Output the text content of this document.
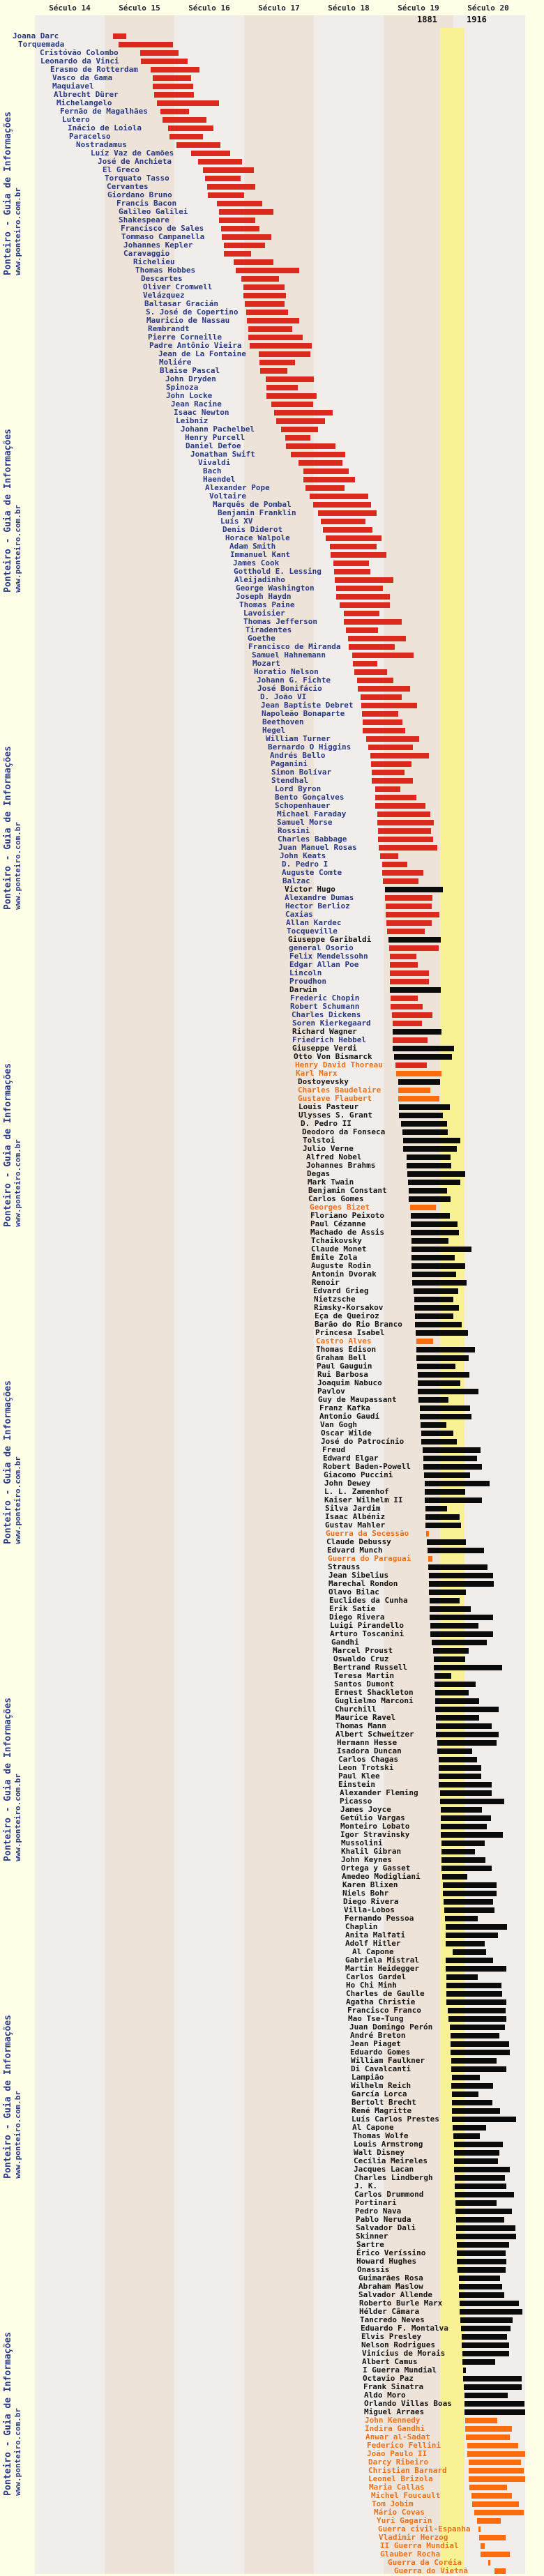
Século 14	Século 15	Século 16	Século 17	Século 18	Século 19	Século 20
1881	1916
Ponteiro - Guia de Informaçõeswww.ponteiro.com.br
Ponteiro - Guia de Informaçõeswww.ponteiro.com.br
Ponteiro - Guia de Informaçõeswww.ponteiro.com.br
Ponteiro - Guia de Informaçõeswww.ponteiro.com.br
Ponteiro - Guia de Informaçõeswww.ponteiro.com.br
Ponteiro - Guia de Informaçõeswww.ponteiro.com.br
Ponteiro - Guia de Informaçõeswww.ponteiro.com.br
Ponteiro - Guia de Informaçõeswww.ponteiro.com.br
Joana Darc
Torquemada
Cristóvão Colombo
Leonardo da Vinci
Erasmo de Rotterdam
Vasco da Gama
Maquiavel
Albrecht Dürer
Michelangelo
Fernão de Magalhães
Lutero
Inácio de Loiola
Paracelso
Nostradamus
Luíz Vaz de Camões
José de Anchieta
El Greco
Torquato Tasso
Cervantes
Giordano Bruno
Francis Bacon
Galileo Galilei
Shakespeare
Francisco de Sales
Tommaso Campanella
Johannes Kepler
Caravaggio
Richelieu
Thomas Hobbes
Descartes
Oliver Cromwell
Velázquez
Baltasar Gracián
S. José de Copertino
Mauricio de Nassau
Rembrandt
Pierre Corneille
Padre Antônio Vieira
Jean de La Fontaine
Moliére
Blaise Pascal
John Dryden
Spinoza
John Locke
Jean Racine
Isaac Newton
Leibniz
Johann Pachelbel
Henry Purcell
Daniel Defoe
Jonathan Swift
Vivaldi
Bach
Haendel
Alexander Pope
Voltaire
Marquês de Pombal
Benjamin Franklin
Luís XV
Denis Diderot
Horace Walpole
Adam Smith
Immanuel Kant
James Cook
Gotthold E. Lessing
Aleijadinho
George Washington
Joseph Haydn
Thomas Paine
Lavoisier
Thomas Jefferson
Tiradentes
Goethe
Francisco de Miranda
Samuel Hahnemann
Mozart
Horatio Nelson
Johann G. Fichte
José Bonifácio
D. João VI
Jean Baptiste Debret
Napoleão Bonaparte
Beethoven
Hegel
William Turner
Bernardo O Higgins
Andrés Bello
Paganini
Simon Bolívar
Stendhal
Lord Byron
Bento Gonçalves
Schopenhauer
Michael Faraday
Samuel Morse
Rossini
Charles Babbage
Juan Manuel Rosas
John Keats
D. Pedro I
Auguste Comte
Balzac
Victor Hugo
Alexandre Dumas
Hector Berlioz
Caxias
Allan Kardec
Tocqueville
Giuseppe Garibaldi
general Osorio
Felix Mendelssohn
Edgar Allan Poe
Lincoln
Proudhon
Darwin
Frederic Chopin
Robert Schumann
Charles Dickens
Soren Kierkegaard
Richard Wagner
Friedrich Hebbel
Giuseppe Verdi
Otto Von Bismarck
Henry David Thoreau
Karl Marx
Dostoyevsky
Charles Baudelaire
Gustave Flaubert
Louis Pasteur
Ulysses S. Grant
D. Pedro II
Deodoro da Fonseca
Tolstoi
Julio Verne
Alfred Nobel
Johannes Brahms
Degas
Mark Twain
Benjamin Constant
Carlos Gomes
Georges Bizet
Floriano Peixoto
Paul Cézanne
Machado de Assis
Tchaikovsky
Claude Monet
Émile Zola
Auguste Rodin
Antonin Dvorak
Renoir
Edvard Grieg
Nietzsche
Rimsky-Korsakov
Eça de Queiroz
Barão do Rio Branco
Princesa Isabel
Castro Alves
Thomas Edison
Graham Bell
Paul Gauguin
Rui Barbosa
Joaquim Nabuco
Pavlov
Guy de Maupassant
Franz Kafka
Antonio Gaudí
Van Gogh
Oscar Wilde
José do Patrocínio
Freud
Edward Elgar
Robert Baden-Powell
Giacomo Puccini
John Dewey
L. L. Zamenhof
Kaiser Wilhelm II
Silva Jardim
Isaac Albéniz
Gustav Mahler
Guerra da Secessão
Claude Debussy
Edvard Munch
Guerra do Paraguai
Strauss
Jean Sibelius
Marechal Rondon
Olavo Bilac
Euclides da Cunha
Erik Satie
Diego Rivera
Luigi Pirandello
Arturo Toscanini
Gandhi
Marcel Proust
Oswaldo Cruz
Bertrand Russell
Teresa Martin
Santos Dumont
Ernest Shackleton
Guglielmo Marconi
Churchill
Maurice Ravel
Thomas Mann
Albert Schweitzer
Hermann Hesse
Isadora Duncan
Carlos Chagas
Leon Trotski
Paul Klee
Einstein
Alexander Fleming
Picasso
James Joyce
Getúlio Vargas
Monteiro Lobato
Igor Stravinsky
Mussolini
Khalil Gibran
John Keynes
Ortega y Gasset
Amedeo Modigliani
Karen Blixen
Niels Bohr
Diego Rivera
Villa-Lobos
Fernando Pessoa
Chaplin
Anita Malfati
Adolf Hitler
Al Capone
Gabriela Mistral
Martin Heidegger
Carlos Gardel
Ho Chi Minh
Charles de Gaulle
Agatha Christie
Francisco Franco
Mao Tse-Tung
Juan Domingo Perón
André Breton
Jean Piaget
Eduardo Gomes
William Faulkner
Di Cavalcanti
Lampião
Wilhelm Reich
García Lorca
Bertolt Brecht
René Magritte
Luís Carlos Prestes
Al Capone
Thomas Wolfe
Louis Armstrong
Walt Disney
Cecília Meireles
Jacques Lacan
Charles Lindbergh
J. K.
Carlos Drummond
Portinari
Pedro Nava
Pablo Neruda
Salvador Dali
Skinner
Sartre
Érico Veríssino
Howard Hughes
Onassis
Guimarães Rosa
Abraham Maslow
Salvador Allende
Roberto Burle Marx
Hélder Câmara
Tancredo Neves
Eduardo F. Montalva
Elvis Presley
Nelson Rodrigues
Vinícius de Morais
Albert Camus
I Guerra Mundial
Octavio Paz
Frank Sinatra
Aldo Moro
Orlando Villas Boas
Miguel Arraes
John Kennedy
Indira Gandhi
Anwar al-Sadat
Federico Fellini
João Paulo II
Darcy Ribeiro
Christian Barnard
Leonel Brizola
Maria Callas
Michel Foucault
Tom Jobim
Mário Covas
Yuri Gagarin
Guerra civil-Espanha
Vladimir Herzog
II Guerra Mundial
Glauber Rocha
Guerra da Coréia
Guerra do Vietnã
